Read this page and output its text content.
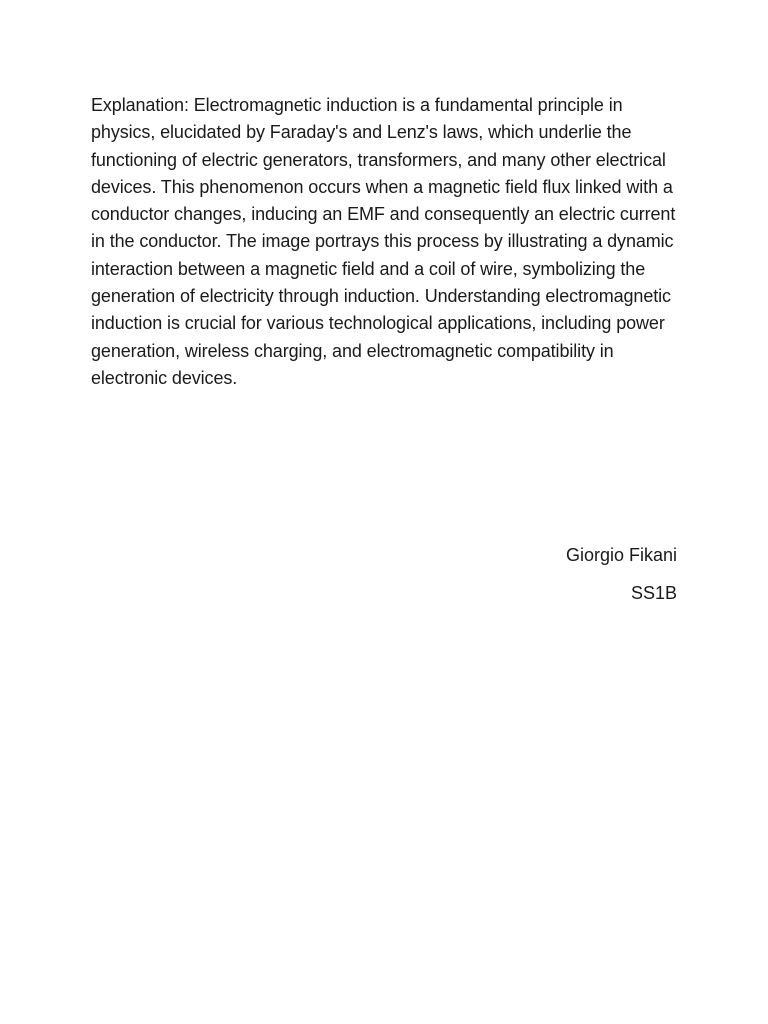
Explanation: Electromagnetic induction is a fundamental principle in physics, elucidated by Faraday's and Lenz's laws, which underlie the functioning of electric generators, transformers, and many other electrical devices. This phenomenon occurs when a magnetic field flux linked with a conductor changes, inducing an EMF and consequently an electric current in the conductor. The image portrays this process by illustrating a dynamic interaction between a magnetic field and a coil of wire, symbolizing the generation of electricity through induction. Understanding electromagnetic induction is crucial for various technological applications, including power generation, wireless charging, and electromagnetic compatibility in electronic devices.

Giorgio Fikani

SS1B
